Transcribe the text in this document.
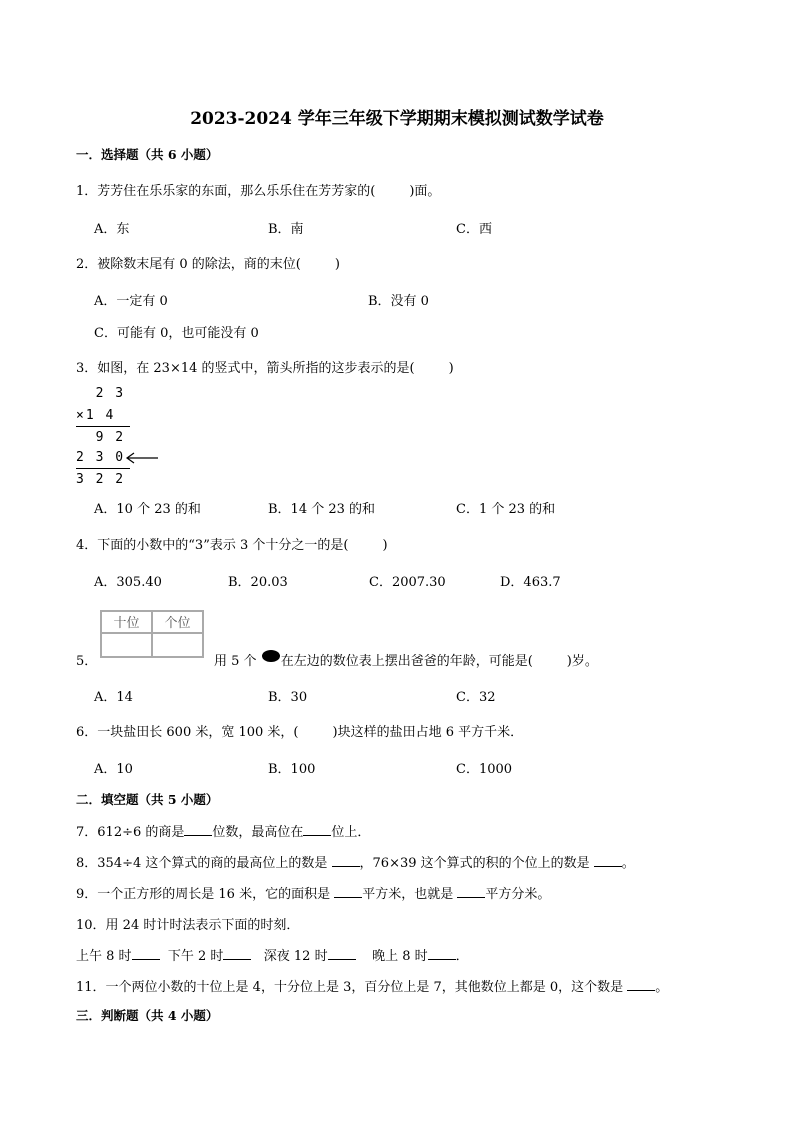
2023-2024 学年三年级下学期期末模拟测试数学试卷
一．选择题（共 6 小题）
1．芳芳住在乐乐家的东面，那么乐乐住在芳芳家的(	)面。
A．东	B．南	C．西
2．被除数末尾有 0 的除法，商的末位(	)
A．一定有 0	B．没有 0
C．可能有 0，也可能没有 0
3．如图，在 23×14 的竖式中，箭头所指的这步表示的是(	)
2 3
×1 4
9 2
2 3 0
3 2 2
A．10 个 23 的和	B．14 个 23 的和	C．1 个 23 的和
4．下面的小数中的“3”表示 3 个十分之一的是(	)
A．305.40	B．20.03	C．2007.30	D．463.7
十位	个位
5．	用 5 个 在左边的数位表上摆出爸爸的年龄，可能是(	)岁。
A．14	B．30	C．32
6．一块盐田长 600 米，宽 100 米，(	)块这样的盐田占地 6 平方千米．
A．10	B．100	C．1000
二．填空题（共 5 小题）
7．612÷6 的商是 位数，最高位在 位上．
8．354÷4 这个算式的商的最高位上的数是 ，76×39 这个算式的积的个位上的数是 。
9．一个正方形的周长是 16 米，它的面积是 平方米，也就是 平方分米。
10．用 24 时计时法表示下面的时刻．
上午 8 时	下午 2 时	深夜 12 时	晚上 8 时 ．
11．一个两位小数的十位上是 4，十分位上是 3，百分位上是 7，其他数位上都是 0，这个数是 。
三．判断题（共 4 小题）
